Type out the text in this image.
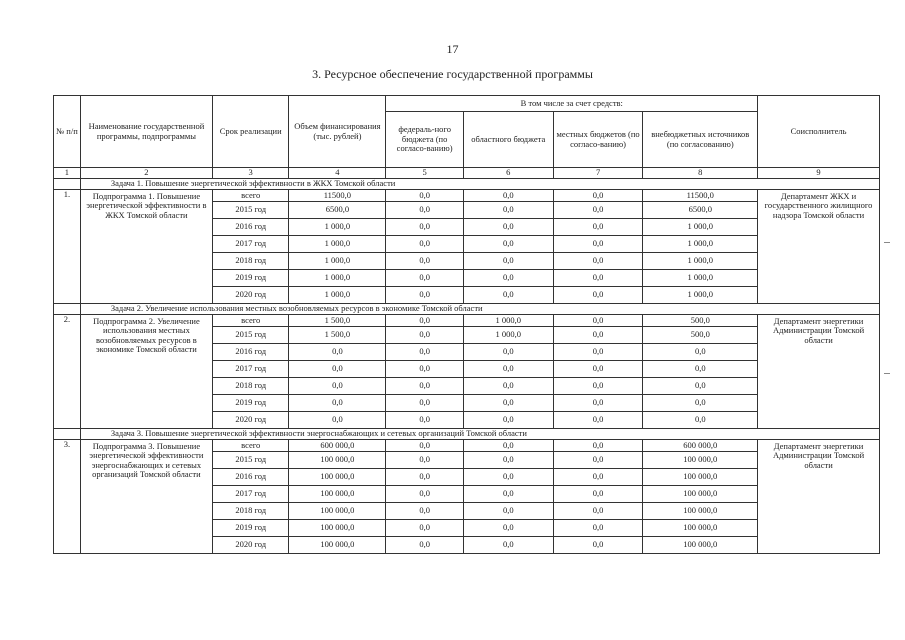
17
3. Ресурсное обеспечение государственной программы
№ п/п	Наименование государственной программы, подпрограммы	Срок реализации	Объем финансирования (тыс. рублей)	В том числе за счет средств:				Соисполнитель
				федераль-ного бюджета (по согласо-ванию)	областного бюджета	местных бюджетов (по согласо-ванию)	внебюджетных источников (по согласованию)	
1	2	3	4	5	6	7	8	9
	Задача 1. Повышение энергетической эффективности в ЖКХ Томской области							
1.	Подпрограмма 1. Повышение энергетической эффективности в ЖКХ Томской области	всего	11500,0	0,0	0,0	0,0	11500,0	Департамент ЖКХ и государственного жилищного надзора Томской области
		2015 год	6500,0	0,0	0,0	0,0	6500,0	
		2016 год	1 000,0	0,0	0,0	0,0	1 000,0	
		2017 год	1 000,0	0,0	0,0	0,0	1 000,0	
		2018 год	1 000,0	0,0	0,0	0,0	1 000,0	
		2019 год	1 000,0	0,0	0,0	0,0	1 000,0	
		2020 год	1 000,0	0,0	0,0	0,0	1 000,0	
	Задача 2. Увеличение использования местных возобновляемых ресурсов в экономике Томской области							
2.	Подпрограмма 2. Увеличение использования местных возобновляемых ресурсов в экономике Томской области	всего	1 500,0	0,0	1 000,0	0,0	500,0	Департамент энергетики Администрации Томской области
		2015 год	1 500,0	0,0	1 000,0	0,0	500,0	
		2016 год	0,0	0,0	0,0	0,0	0,0	
		2017 год	0,0	0,0	0,0	0,0	0,0	
		2018 год	0,0	0,0	0,0	0,0	0,0	
		2019 год	0,0	0,0	0,0	0,0	0,0	
		2020 год	0,0	0,0	0,0	0,0	0,0	
	Задача 3. Повышение энергетической эффективности энергоснабжающих и сетевых организаций Томской области							
3.	Подпрограмма 3. Повышение энергетической эффективности энергоснабжающих и сетевых организаций Томской области	всего	600 000,0	0,0	0,0	0,0	600 000,0	Департамент энергетики Администрации Томской области
		2015 год	100 000,0	0,0	0,0	0,0	100 000,0	
		2016 год	100 000,0	0,0	0,0	0,0	100 000,0	
		2017 год	100 000,0	0,0	0,0	0,0	100 000,0	
		2018 год	100 000,0	0,0	0,0	0,0	100 000,0	
		2019 год	100 000,0	0,0	0,0	0,0	100 000,0	
		2020 год	100 000,0	0,0	0,0	0,0	100 000,0	
